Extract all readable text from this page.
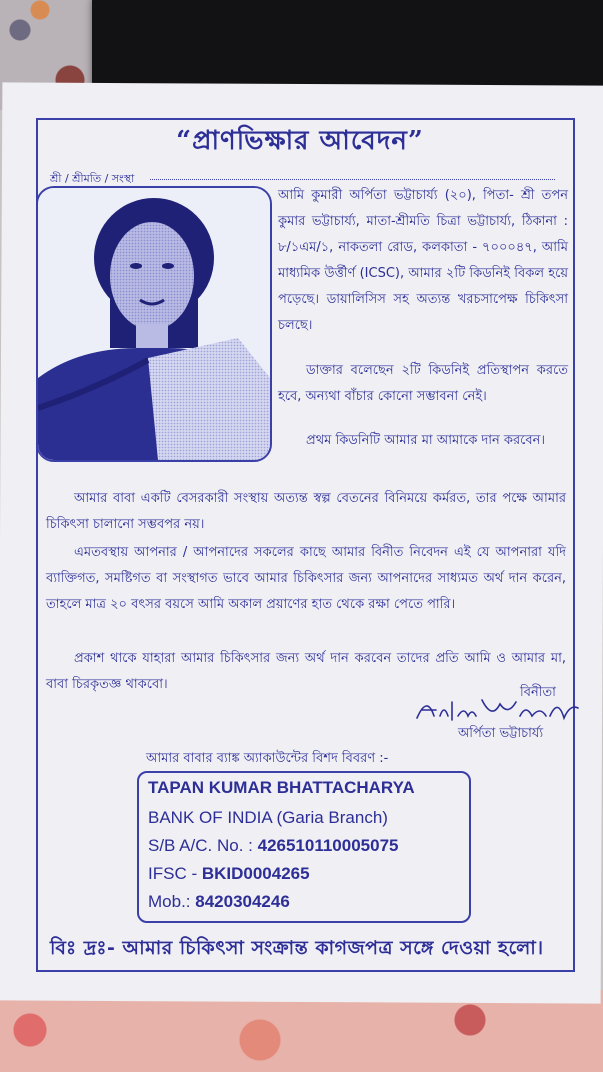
“প্রাণভিক্ষার আবেদন”
শ্রী / শ্রীমতি / সংস্থা
আমি কুমারী অর্পিতা ভট্টাচার্য্য (২০), পিতা- শ্রী তপন কুমার ভট্টাচার্য্য, মাতা-শ্রীমতি চিত্রা ভট্টাচার্য্য, ঠিকানা : ৮/১এম/১, নাকতলা রোড, কলকাতা - ৭০০০৪৭, আমি মাধ্যমিক উর্ত্তীর্ণ (ICSC), আমার ২টি কিডনিই বিকল হয়ে পড়েছে। ডায়ালিসিস সহ অত্যন্ত খরচসাপেক্ষ চিকিৎসা চলছে।
ডাক্তার বলেছেন ২টি কিডনিই প্রতিস্থাপন করতে হবে, অন্যথা বাঁচার কোনো সম্ভাবনা নেই।
প্রথম কিডনিটি আমার মা আমাকে দান করবেন।
আমার বাবা একটি বেসরকারী সংস্থায় অত্যন্ত স্বল্প বেতনের বিনিময়ে কর্মরত, তার পক্ষে আমার চিকিৎসা চালানো সম্ভবপর নয়।
এমতবস্থায় আপনার / আপনাদের সকলের কাছে আমার বিনীত নিবেদন এই যে আপনারা যদি ব্যাক্তিগত, সমষ্টিগত বা সংস্থাগত ভাবে আমার চিকিৎসার জন্য আপনাদের সাধ্যমত অর্থ দান করেন, তাহলে মাত্র ২০ বৎসর বয়সে আমি অকাল প্রয়াণের হাত থেকে রক্ষা পেতে পারি।
প্রকাশ থাকে যাহারা আমার চিকিৎসার জন্য অর্থ দান করবেন তাদের প্রতি আমি ও আমার মা, বাবা চিরকৃতজ্ঞ থাকবো।
বিনীতা
অর্পিতা ভট্টাচার্য্য
আমার বাবার ব্যাঙ্ক অ্যাকাউন্টের বিশদ বিবরণ :-
TAPAN KUMAR BHATTACHARYA
BANK OF INDIA (Garia Branch)
S/B A/C. No. : 426510110005075
IFSC - BKID0004265
Mob.: 8420304246
বিঃ দ্রঃ- আমার চিকিৎসা সংক্রান্ত কাগজপত্র সঙ্গে দেওয়া হলো।
